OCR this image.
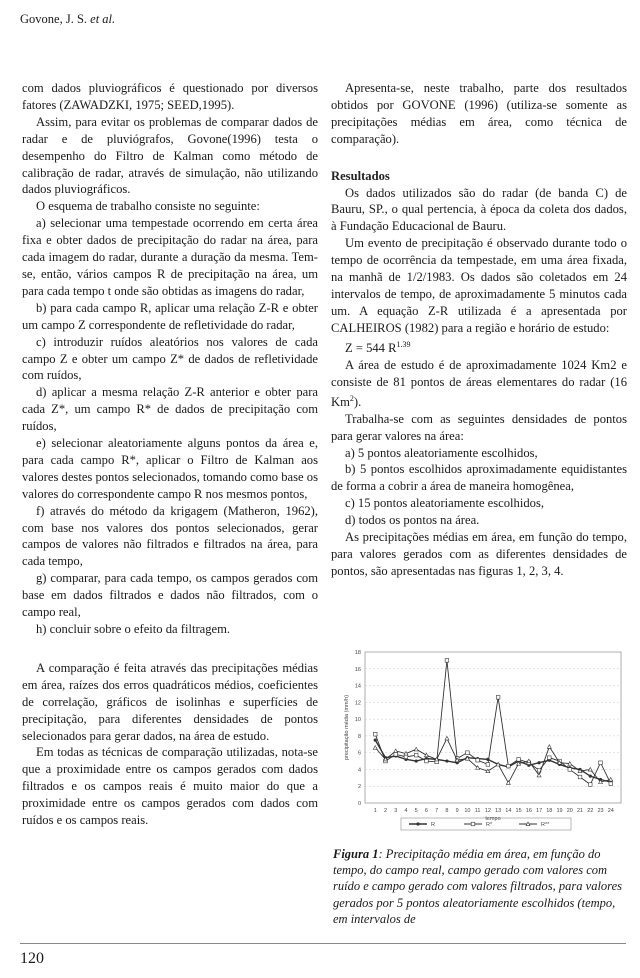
Govone, J. S. et al.

com dados pluviográficos é questionado por diversos fatores (ZAWADZKI, 1975; SEED,1995).

Assim, para evitar os problemas de comparar dados de radar e de pluviógrafos, Govone(1996) testa o desempenho do Filtro de Kalman como método de calibração de radar, através de simulação, não utilizando dados pluviográficos.

O esquema de trabalho consiste no seguinte:

a) selecionar uma tempestade ocorrendo em certa área fixa e obter dados de precipitação do radar na área, para cada imagem do radar, durante a duração da mesma. Tem-se, então, vários campos R de precipitação na área, um para cada tempo t onde são obtidas as imagens do radar,

b) para cada campo R, aplicar uma relação Z-R e obter um campo Z correspondente de refletividade do radar,

c) introduzir ruídos aleatórios nos valores de cada campo Z e obter um campo Z* de dados de refletividade com ruídos,

d) aplicar a mesma relação Z-R anterior e obter para cada Z*, um campo R* de dados de precipitação com ruídos,

e) selecionar aleatoriamente alguns pontos da área e, para cada campo R*, aplicar o Filtro de Kalman aos valores destes pontos selecionados, tomando como base os valores do correspondente campo R nos mesmos pontos,

f) através do método da krigagem (Matheron, 1962), com base nos valores dos pontos selecionados, gerar campos de valores não filtrados e filtrados na área, para cada tempo,

g) comparar, para cada tempo, os campos gerados com base em dados filtrados e dados não filtrados, com o campo real,

h) concluir sobre o efeito da filtragem.

A comparação é feita através das precipitações médias em área, raízes dos erros quadráticos médios, coeficientes de correlação, gráficos de isolinhas e superfícies de precipitação, para diferentes densidades de pontos selecionados para gerar dados, na área de estudo.

Em todas as técnicas de comparação utilizadas, nota-se que a proximidade entre os campos gerados com dados filtrados e os campos reais é muito maior do que a proximidade entre os campos gerados com dados com ruídos e os campos reais.

Apresenta-se, neste trabalho, parte dos resultados obtidos por GOVONE (1996) (utiliza-se somente as precipitações médias em área, como técnica de comparação).

Resultados

Os dados utilizados são do radar (de banda C) de Bauru, SP., o qual pertencia, à época da coleta dos dados, à Fundação Educacional de Bauru.

Um evento de precipitação é observado durante todo o tempo de ocorrência da tempestade, em uma área fixada, na manhã de 1/2/1983. Os dados são coletados em 24 intervalos de tempo, de aproximadamente 5 minutos cada um. A equação Z-R utilizada é a apresentada por CALHEIROS (1982) para a região e horário de estudo:

Z = 544 $R^{1.39}$

A área de estudo é de aproximadamente 1024 Km2 e consiste de 81 pontos de áreas elementares do radar (16 Km$^2$).

Trabalha-se com as seguintes densidades de pontos para gerar valores na área:

a) 5 pontos aleatoriamente escolhidos,

b) 5 pontos escolhidos aproximadamente equidistantes de forma a cobrir a área de maneira homogênea,

c) 15 pontos aleatoriamente escolhidos,

d) todos os pontos na área.

As precipitações médias em área, em função do tempo, para valores gerados com as diferentes densidades de pontos, são apresentadas nas figuras 1, 2, 3, 4.

0
2
4
6
8
10
12
14
16
18
1 2 3 4 5 6 7 8 9 10 11 12 13 14 15 16 17 18 19 20 21 22 23 24
tempo
precipitação média (mm/h)
R	R*	R**
Figura 1: Precipitação média em área, em função do tempo, do campo real, campo gerado com valores com ruído e campo gerado com valores filtrados, para valores gerados por 5 pontos aleatoriamente escolhidos (tempo, em intervalos de
120
